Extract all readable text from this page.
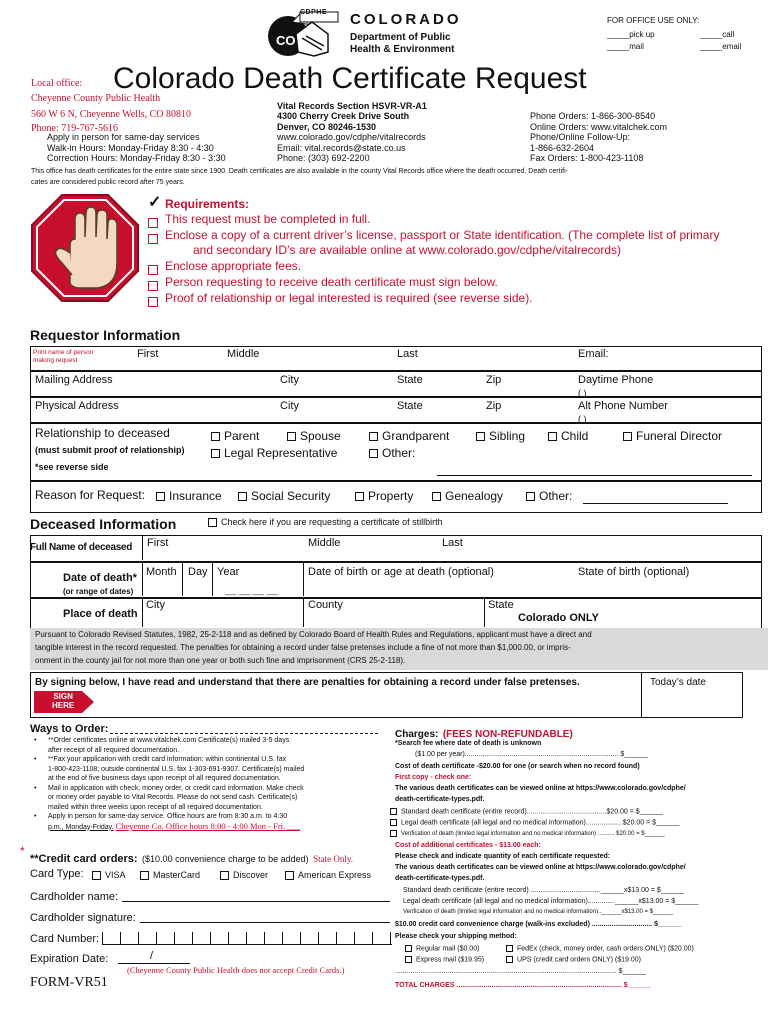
FOR OFFICE USE ONLY:
_____pick up	_____call
_____mail	_____email
CDPHE
CO
COLORADO
Department of Public
Health & Environment
Local office:
Cheyenne County Public Health
560 W 6 N, Cheyenne Wells, CO 80810
Phone: 719-767-5616
Colorado Death Certificate Request
Vital Records Section HSVR-VR-A1
4300 Cherry Creek Drive South
Denver, CO 80246-1530
www.colorado.gov/cdphe/vitalrecords
Email: vital.records@state.co.us
Phone: (303) 692-2200
Apply in person for same-day services
Walk-in Hours: Monday-Friday 8:30 - 4:30
Correction Hours: Monday-Friday 8:30 - 3:30
Phone Orders: 1-866-300-8540
Online Orders: www.vitalchek.com
Phone/Online Follow-Up:
1-866-632-2604
Fax Orders: 1-800-423-1108
This office has death certificates for the entire state since 1900. Death certificates are also available in the county Vital Records office where the death occurred. Death certifi-
cates are considered public record after 75 years.
✓ Requirements:
This request must be completed in full.
Enclose a copy of a current driver’s license, passport or State identification. (The complete list of primary
and secondary ID’s are available online at www.colorado.gov/cdphe/vitalrecords)
Enclose appropriate fees.
Person requesting to receive death certificate must sign below.
Proof of relationship or legal interested is required (see reverse side).
Requestor Information
Print name of person making request
First	Middle	Last	Email:
Mailing Address	City	State	Zip	Daytime Phone
( )
Physical Address	City	State	Zip	Alt Phone Number
( )
Relationship to deceased
(must submit proof of relationship)
*see reverse side
Parent	Spouse	Grandparent	Sibling	Child	Funeral Director
Legal Representative	Other:
Reason for Request:	Insurance	Social Security	Property	Genealogy	Other:
Deceased Information	Check here if you are requesting a certificate of stillbirth
Full Name of deceased First	Middle	Last
Date of death*
(or range of dates)
Month Day Year
__ __ __ __
Date of birth or age at death (optional)	State of birth (optional)
Place of death
City	County	State
Colorado ONLY
Pursuant to Colorado Revised Statutes, 1982, 25-2-118 and as defined by Colorado Board of Health Rules and Regulations, applicant must have a direct and
tangible interest in the record requested. The penalties for obtaining a record under false pretenses include a fine of not more than $1,000.00, or impris-
onment in the county jail for not more than one year or both such fine and imprisonment (CRS 25-2-118).
By signing below, I have read and understand that there are penalties for obtaining a record under false pretenses.	Today’s date
SIGN
HERE
Ways to Order:
• **Order certificates online at www.vitalchek.com Certificate(s) mailed 3-5 days
after receipt of all required documentation.
• **Fax your application with credit card information: within continental U.S. fax
1-800-423-1108; outside continental U.S. fax 1-303-691-9307. Certificate(s) mailed
at the end of five business days upon receipt of all required documentation.
• Mail in application with check, money order, or credit card information. Make check
or money order payable to Vital Records. Please do not send cash. Certificate(s)
mailed within three weeks upon receipt of all required documentation.
• Apply in person for same-day service. Office hours are from 8:30 a.m. to 4:30
p.m., Monday-Friday. Cheyenne Co. Office hours 8:00 - 4:00 Mon - Fri. ___
*
**Credit card orders: ($10.00 convenience charge to be added) State Only.
Card Type:	VISA	MasterCard	Discover	American Express
Cardholder name:
Cardholder signature:
Card Number:
Expiration Date:	/
(Cheyenne County Public Health does not accept Credit Cards.)
FORM-VR51
Charges: (FEES NON-REFUNDABLE)
*Search fee where date of death is unknown
($1.00 per year)............................................................................... $______
Cost of death certificate -$20.00 for one (or search when no record found)
First copy - check one:
The various death certificates can be viewed online at https://www.colorado.gov/cdphe/
death-certificate-types.pdf.
Standard death certificate (entire record).........................................$20.00 = $______
Legal death certificate (all legal and no medical information)...................$20.00 = $______
Verification of death (limited legal information and no medical information) .......... $20.00 = $______
Cost of additional certificates - $13.00 each:
Please check and indicate quantity of each certificate requested:
The various death certificates can be viewed online at https://www.colorado.gov/cdphe/
death-certificate-types.pdf.
Standard death certificate (entire record) ....................................______x$13.00 = $______
Legal death certificate (all legal and no medical information)..............______x$13.00 = $______
Verification of death (limited legal information and no medical information)..______x$13.00 = $______
$10.00 credit card convenience charge (walk-ins excluded) ............................... $______
Please check your shipping method:
Regular mail ($0.00)	FedEx (check, money order, cash orders ONLY) ($20.00)
Express mail ($19.95)	UPS (credit card orders ONLY) ($19.00)
.................................................................................................................. $______
TOTAL CHARGES ..................................................................................... $______
